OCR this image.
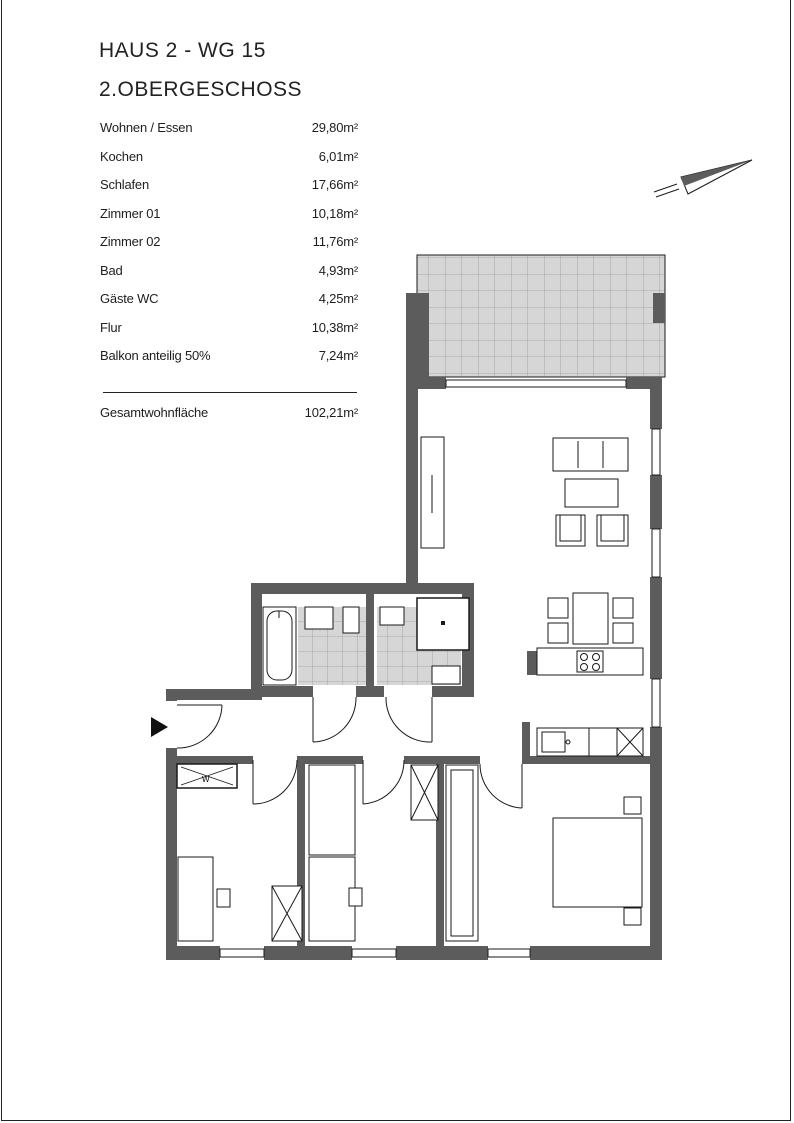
HAUS 2 - WG 15
2.OBERGESCHOSS
Wohnen / Essen	29,80m²
Kochen	6,01m²
Schlafen	17,66m²
Zimmer 01	10,18m²
Zimmer 02	11,76m²
Bad	4,93m²
Gäste WC	4,25m²
Flur	10,38m²
Balkon anteilig 50%	7,24m²
Gesamtwohnfläche	102,21m²
W
